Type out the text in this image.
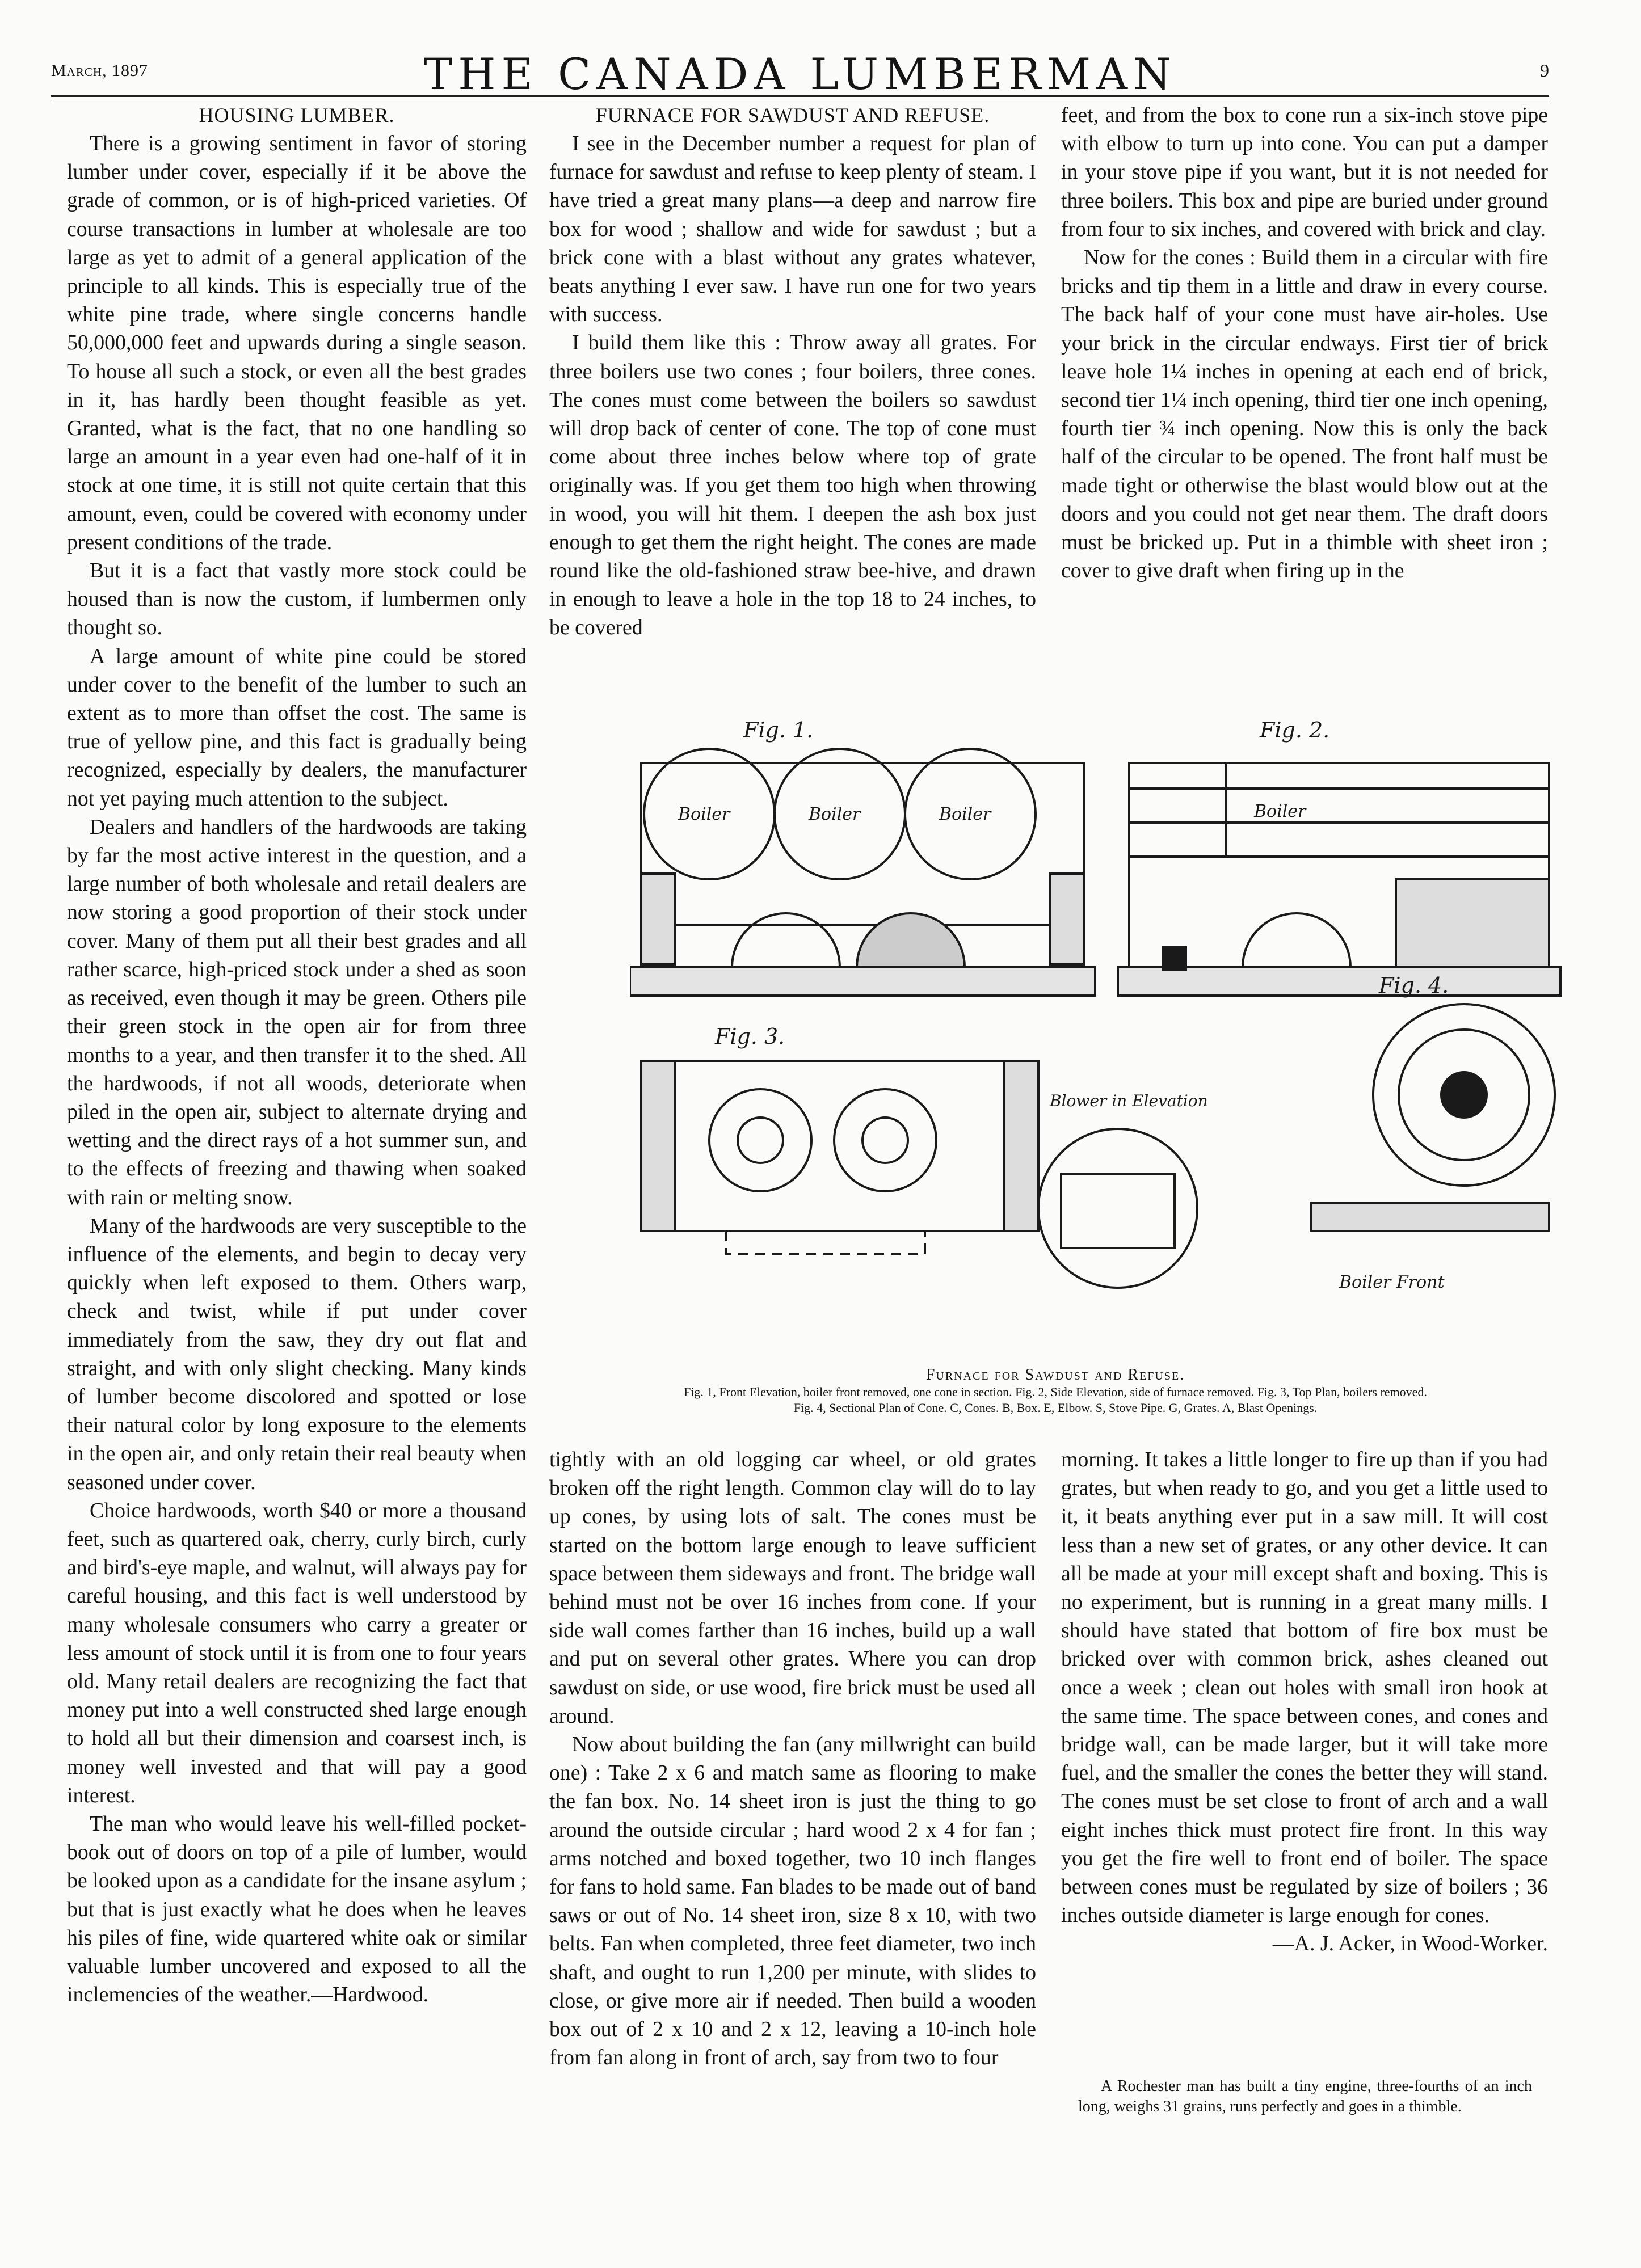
March, 1897	THE CANADA LUMBERMAN	9
HOUSING LUMBER.

There is a growing sentiment in favor of storing lumber under cover, especially if it be above the grade of common, or is of high-priced varieties. Of course transactions in lumber at wholesale are too large as yet to admit of a general application of the principle to all kinds. This is especially true of the white pine trade, where single concerns handle 50,000,000 feet and upwards during a single season. To house all such a stock, or even all the best grades in it, has hardly been thought feasible as yet. Granted, what is the fact, that no one handling so large an amount in a year even had one-half of it in stock at one time, it is still not quite certain that this amount, even, could be covered with economy under present conditions of the trade.

But it is a fact that vastly more stock could be housed than is now the custom, if lumbermen only thought so.

A large amount of white pine could be stored under cover to the benefit of the lumber to such an extent as to more than offset the cost. The same is true of yellow pine, and this fact is gradually being recognized, especially by dealers, the manufacturer not yet paying much attention to the subject.

Dealers and handlers of the hardwoods are taking by far the most active interest in the question, and a large number of both wholesale and retail dealers are now storing a good proportion of their stock under cover. Many of them put all their best grades and all rather scarce, high-priced stock under a shed as soon as received, even though it may be green. Others pile their green stock in the open air for from three months to a year, and then transfer it to the shed. All the hardwoods, if not all woods, deteriorate when piled in the open air, subject to alternate drying and wetting and the direct rays of a hot summer sun, and to the effects of freezing and thawing when soaked with rain or melting snow.

Many of the hardwoods are very susceptible to the influence of the elements, and begin to decay very quickly when left exposed to them. Others warp, check and twist, while if put under cover immediately from the saw, they dry out flat and straight, and with only slight checking. Many kinds of lumber become discolored and spotted or lose their natural color by long exposure to the elements in the open air, and only retain their real beauty when seasoned under cover.

Choice hardwoods, worth $40 or more a thousand feet, such as quartered oak, cherry, curly birch, curly and bird's-eye maple, and walnut, will always pay for careful housing, and this fact is well understood by many wholesale consumers who carry a greater or less amount of stock until it is from one to four years old. Many retail dealers are recognizing the fact that money put into a well constructed shed large enough to hold all but their dimension and coarsest inch, is money well invested and that will pay a good interest.

The man who would leave his well-filled pocket-book out of doors on top of a pile of lumber, would be looked upon as a candidate for the insane asylum ; but that is just exactly what he does when he leaves his piles of fine, wide quartered white oak or similar valuable lumber uncovered and exposed to all the inclemencies of the weather.—Hardwood.

FURNACE FOR SAWDUST AND REFUSE.

I see in the December number a request for plan of furnace for sawdust and refuse to keep plenty of steam. I have tried a great many plans—a deep and narrow fire box for wood ; shallow and wide for sawdust ; but a brick cone with a blast without any grates whatever, beats anything I ever saw. I have run one for two years with success.

I build them like this : Throw away all grates. For three boilers use two cones ; four boilers, three cones. The cones must come between the boilers so sawdust will drop back of center of cone. The top of cone must come about three inches below where top of grate originally was. If you get them too high when throwing in wood, you will hit them. I deepen the ash box just enough to get them the right height. The cones are made round like the old-fashioned straw bee-hive, and drawn in enough to leave a hole in the top 18 to 24 inches, to be covered

feet, and from the box to cone run a six-inch stove pipe with elbow to turn up into cone. You can put a damper in your stove pipe if you want, but it is not needed for three boilers. This box and pipe are buried under ground from four to six inches, and covered with brick and clay.

Now for the cones : Build them in a circular with fire bricks and tip them in a little and draw in every course. The back half of your cone must have air-holes. Use your brick in the circular endways. First tier of brick leave hole 1¼ inches in opening at each end of brick, second tier 1¼ inch opening, third tier one inch opening, fourth tier ¾ inch opening. Now this is only the back half of the circular to be opened. The front half must be made tight or otherwise the blast would blow out at the doors and you could not get near them. The draft doors must be bricked up. Put in a thimble with sheet iron ; cover to give draft when firing up in the

Fig. 1.	Fig. 2.
Fig. 3.
Fig. 4.
Boiler	Boiler	Boiler	Boiler
Boiler Front
Blower in Elevation
Furnace for Sawdust and Refuse.
Fig. 1, Front Elevation, boiler front removed, one cone in section. Fig. 2, Side Elevation, side of furnace removed. Fig. 3, Top Plan, boilers removed.
Fig. 4, Sectional Plan of Cone. C, Cones. B, Box. E, Elbow. S, Stove Pipe. G, Grates. A, Blast Openings.

tightly with an old logging car wheel, or old grates broken off the right length. Common clay will do to lay up cones, by using lots of salt. The cones must be started on the bottom large enough to leave sufficient space between them sideways and front. The bridge wall behind must not be over 16 inches from cone. If your side wall comes farther than 16 inches, build up a wall and put on several other grates. Where you can drop sawdust on side, or use wood, fire brick must be used all around.

Now about building the fan (any millwright can build one) : Take 2 x 6 and match same as flooring to make the fan box. No. 14 sheet iron is just the thing to go around the outside circular ; hard wood 2 x 4 for fan ; arms notched and boxed together, two 10 inch flanges for fans to hold same. Fan blades to be made out of band saws or out of No. 14 sheet iron, size 8 x 10, with two belts. Fan when completed, three feet diameter, two inch shaft, and ought to run 1,200 per minute, with slides to close, or give more air if needed. Then build a wooden box out of 2 x 10 and 2 x 12, leaving a 10-inch hole from fan along in front of arch, say from two to four

morning. It takes a little longer to fire up than if you had grates, but when ready to go, and you get a little used to it, it beats anything ever put in a saw mill. It will cost less than a new set of grates, or any other device. It can all be made at your mill except shaft and boxing. This is no experiment, but is running in a great many mills. I should have stated that bottom of fire box must be bricked over with common brick, ashes cleaned out once a week ; clean out holes with small iron hook at the same time. The space between cones, and cones and bridge wall, can be made larger, but it will take more fuel, and the smaller the cones the better they will stand. The cones must be set close to front of arch and a wall eight inches thick must protect fire front. In this way you get the fire well to front end of boiler. The space between cones must be regulated by size of boilers ; 36 inches outside diameter is large enough for cones.

—A. J. Acker, in Wood-Worker.

A Rochester man has built a tiny engine, three-fourths of an inch long, weighs 31 grains, runs perfectly and goes in a thimble.
